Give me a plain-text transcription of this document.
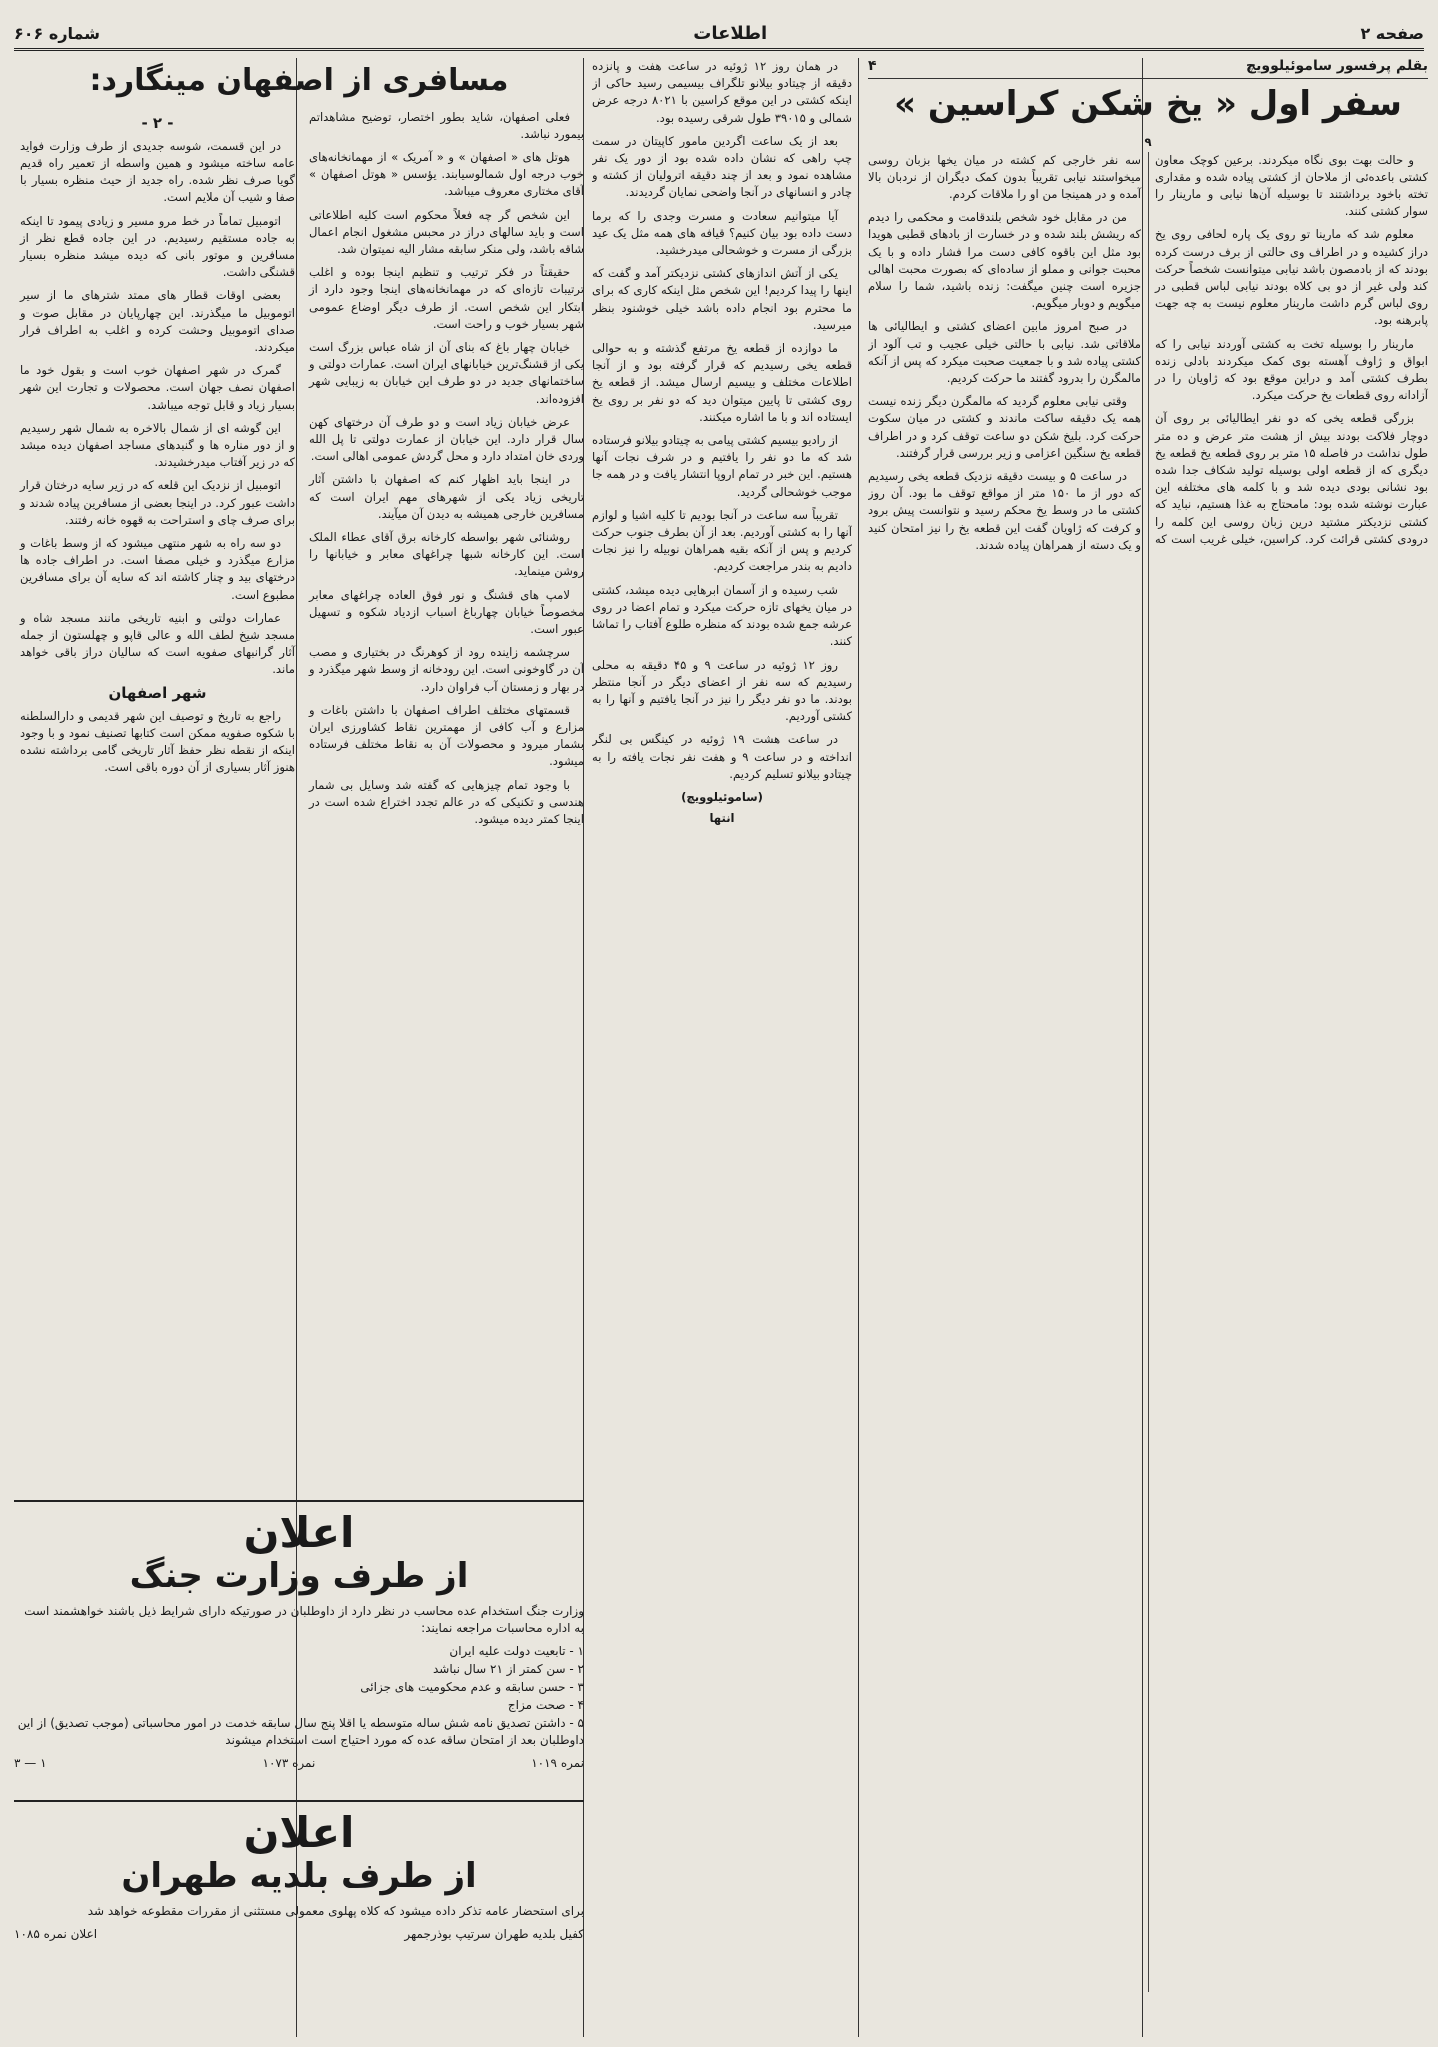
صفحه ۲
اطلاعات
شماره ۶۰۶
بقلم پرفسور ساموئیلوویچ
۴
سفر اول « یخ شکن کراسین »
۹

و حالت بهت بوی نگاه میکردند. برعین کوچک معاون کشتی باعده‌ئی از ملاحان از کشتی پیاده شده و مقداری تخته باخود برداشتند تا بوسیله آن‌ها نیابی و مارینار را سوار کشتی کنند.

معلوم شد که مارینا تو روی یک پاره لحافی روی یخ دراز کشیده و در اطراف وی حالتی از برف درست کرده بودند که از بادمصون باشد نیابی میتوانست شخصاً حرکت کند ولی غیر از دو بی کلاه بودند نیابی لباس قطبی در روی لباس گرم داشت مارینار معلوم نیست به چه جهت پابرهنه بود.

مارینار را بوسیله تخت به کشتی آوردند نیابی را که ابواق و ژاوف آهسته بوی کمک میکردند بادلی زنده بطرف کشتی آمد و دراین موقع بود که ژاویان را در آزادانه روی قطعات یخ حرکت میکرد.

بزرگی قطعه یخی که دو نفر ایطالیائی بر روی آن دوچار فلاکت بودند بیش از هشت متر عرض و ده متر طول نداشت در فاصله ۱۵ متر بر روی قطعه یخ قطعه یخ دیگری که از قطعه اولی بوسیله تولید شکاف جدا شده بود نشانی بودی دیده شد و با کلمه های مختلفه این عبارت نوشته شده بود: مامحتاج به غذا هستیم، نباید که کشتی نزدیکتر مشتید درین زبان روسی این کلمه را درودی کشتی قرائت کرد. کراسین، خیلی غریب است که سه نفر خارجی کم کشته در میان یخها بزبان روسی میخواستند نیابی تقریباً بدون کمک دیگران از نردبان بالا آمده و در همینجا من او را ملاقات کردم.

من در مقابل خود شخص بلندقامت و محکمی را دیدم که ریشش بلند شده و در خسارت از بادهای قطبی هویدا بود مثل این باقوه کافی دست مرا فشار داده و با یک محبت جوانی و مملو از ساده‌ای که بصورت محبت اهالی جزیره است چنین میگفت: زنده باشید، شما را سلام میگویم و دوبار میگویم.

در صبح امروز مابین اعضای کشتی و ایطالیائی ها ملاقاتی شد. نیابی با حالتی خیلی عجیب و تب آلود از کشتی پیاده شد و با جمعیت صحبت میکرد که پس از آنکه مالمگرن را بدرود گفتند ما حرکت کردیم.

وقتی نیابی معلوم گردید که مالمگرن دیگر زنده نیست همه یک دقیقه ساکت ماندند و کشتی در میان سکوت حرکت کرد. بلیخ شکن دو ساعت توقف کرد و در اطراف قطعه یخ سنگین اعزامی و زیر بررسی قرار گرفتند.

در ساعت ۵ و بیست دقیقه نزدیک قطعه یخی رسیدیم که دور از ما ۱۵۰ متر از مواقع توقف ما بود. آن روز کشتی ما در وسط یخ محکم رسید و نتوانست پیش برود و کرفت که ژاویان گفت این قطعه یخ را نیز امتحان کنید و یک دسته از همراهان پیاده شدند.

در همان روز ۱۲ ژوئیه در ساعت هفت و پانزده دقیقه از چیتادو بیلانو تلگراف بیسیمی رسید حاکی از اینکه کشتی در این موقع کراسین با ۸۰۲۱ درجه عرض شمالی و ۳۹۰۱۵ طول شرقی رسیده بود.

بعد از یک ساعت اگردین مامور کاپیتان در سمت چپ راهی که نشان داده شده بود از دور یک نفر مشاهده نمود و بعد از چند دقیقه اترولیان از کشته و چادر و انسانهای در آنجا واضحی نمایان گردیدند.

آیا میتوانیم سعادت و مسرت وجدی را که برما دست داده بود بیان کنیم؟ قیافه های همه مثل یک عید بزرگی از مسرت و خوشحالی میدرخشید.

یکی از آتش اندازهای کشتی نزدیکتر آمد و گفت که اینها را پیدا کردیم! این شخص مثل اینکه کاری که برای ما محترم بود انجام داده باشد خیلی خوشنود بنظر میرسید.

ما دوازده از قطعه یخ مرتفع گذشته و به حوالی قطعه یخی رسیدیم که قرار گرفته بود و از آنجا اطلاعات مختلف و بیسیم ارسال میشد. از قطعه یخ روی کشتی تا پایین میتوان دید که دو نفر بر روی یخ ایستاده اند و با ما اشاره میکنند.

از رادیو بیسیم کشتی پیامی به چیتادو بیلانو فرستاده شد که ما دو نفر را یافتیم و در شرف نجات آنها هستیم. این خبر در تمام اروپا انتشار یافت و در همه جا موجب خوشحالی گردید.

تقریباً سه ساعت در آنجا بودیم تا کلیه اشیا و لوازم آنها را به کشتی آوردیم. بعد از آن بطرف جنوب حرکت کردیم و پس از آنکه بقیه همراهان نوبیله را نیز نجات دادیم به بندر مراجعت کردیم.

شب رسیده و از آسمان ابرهایی دیده میشد، کشتی در میان یخهای تازه حرکت میکرد و تمام اعضا در روی عرشه جمع شده بودند که منظره طلوع آفتاب را تماشا کنند.

روز ۱۲ ژوئیه در ساعت ۹ و ۴۵ دقیقه به محلی رسیدیم که سه نفر از اعضای دیگر در آنجا منتظر بودند. ما دو نفر دیگر را نیز در آنجا یافتیم و آنها را به کشتی آوردیم.

در ساعت هشت ۱۹ ژوئیه در کینگس بی لنگر انداخته و در ساعت ۹ و هفت نفر نجات یافته را به چیتادو بیلانو تسلیم کردیم.

(ساموئیلوویچ)
انتها
مسافری از اصفهان مینگارد:

فعلی اصفهان، شاید بطور اختصار، توضیح مشاهداتم بیمورد نباشد.

هوتل های « اصفهان » و « آمریک » از مهمانخانه‌های خوب درجه اول شمالوسیابند. یؤسس « هوتل اصفهان » آقای مختاری معروف میباشد.

این شخص گر چه فعلاً محکوم است کلیه اطلاعاتی است و باید سالهای دراز در محبس مشغول انجام اعمال شاقه باشد، ولی منکر سابقه مشار الیه نمیتوان شد.

حقیقتاً در فکر ترتیب و تنظیم اینجا بوده و اغلب ترتیبات تازه‌ای که در مهمانخانه‌های اینجا وجود دارد از ابتکار این شخص است. از طرف دیگر اوضاع عمومی شهر بسیار خوب و راحت است.

خیابان چهار باغ که بنای آن از شاه عباس بزرگ است یکی از قشنگ‌ترین خیابانهای ایران است. عمارات دولتی و ساختمانهای جدید در دو طرف این خیابان به زیبایی شهر افزوده‌اند.

عرض خیابان زیاد است و دو طرف آن درختهای کهن سال قرار دارد. این خیابان از عمارت دولتی تا پل الله وردی خان امتداد دارد و محل گردش عمومی اهالی است.

در اینجا باید اظهار کنم که اصفهان با داشتن آثار تاریخی زیاد یکی از شهرهای مهم ایران است که مسافرین خارجی همیشه به دیدن آن میآیند.

روشنائی شهر بواسطه کارخانه برق آقای عطاء الملک است. این کارخانه شبها چراغهای معابر و خیابانها را روشن مینماید.

لامپ های قشنگ و نور فوق العاده چراغهای معابر مخصوصاً خیابان چهارباغ اسباب ازدیاد شکوه و تسهیل عبور است.

سرچشمه زاینده رود از کوهرنگ در بختیاری و مصب آن در گاوخونی است. این رودخانه از وسط شهر میگذرد و در بهار و زمستان آب فراوان دارد.

قسمتهای مختلف اطراف اصفهان با داشتن باغات و مزارع و آب کافی از مهمترین نقاط کشاورزی ایران بشمار میرود و محصولات آن به نقاط مختلف فرستاده میشود.

با وجود تمام چیزهایی که گفته شد وسایل بی شمار هندسی و تکنیکی که در عالم تجدد اختراع شده است در اینجا کمتر دیده میشود.

- ۲ -

در این قسمت، شوسه جدیدی از طرف وزارت فواید عامه ساخته میشود و همین واسطه از تعمیر راه قدیم گویا صرف نظر شده. راه جدید از حیث منظره بسیار با صفا و شیب آن ملایم است.

اتومبیل تماماً در خط مرو مسیر و زیادی پیمود تا اینکه به جاده مستقیم رسیدیم. در این جاده قطع نظر از مسافرین و موتور بانی که دیده میشد منظره بسیار قشنگی داشت.

بعضی اوقات قطار های ممتد شترهای ما از سیر اتوموبیل ما میگذرند. این چهارپایان در مقابل صوت و صدای اتوموبیل وحشت کرده و اغلب به اطراف فرار میکردند.

گمرک در شهر اصفهان خوب است و بقول خود ما اصفهان نصف جهان است. محصولات و تجارت این شهر بسیار زیاد و قابل توجه میباشد.

این گوشه ای از شمال بالاخره به شمال شهر رسیدیم و از دور مناره ها و گنبدهای مساجد اصفهان دیده میشد که در زیر آفتاب میدرخشیدند.

اتومبیل از نزدیک این قلعه که در زیر سایه درختان قرار داشت عبور کرد. در اینجا بعضی از مسافرین پیاده شدند و برای صرف چای و استراحت به قهوه خانه رفتند.

دو سه راه به شهر منتهی میشود که از وسط باغات و مزارع میگذرد و خیلی مصفا است. در اطراف جاده ها درختهای بید و چنار کاشته اند که سایه آن برای مسافرین مطبوع است.

عمارات دولتی و ابنیه تاریخی مانند مسجد شاه و مسجد شیخ لطف الله و عالی قاپو و چهلستون از جمله آثار گرانبهای صفویه است که سالیان دراز باقی خواهد ماند.

شهر اصفهان

راجع به تاریخ و توصیف این شهر قدیمی و دارالسلطنه با شکوه صفویه ممکن است کتابها تصنیف نمود و با وجود اینکه از نقطه نظر حفظ آثار تاریخی گامی برداشته نشده هنوز آثار بسیاری از آن دوره باقی است.

اعلان
از طرف وزارت جنگ
وزارت جنگ استخدام عده محاسب در نظر دارد از داوطلبان در صورتیکه دارای شرایط ذیل باشند خواهشمند است به اداره محاسبات مراجعه نمایند:
۱ - تابعیت دولت علیه ایران
۲ - سن کمتر از ۲۱ سال نباشد
۳ - حسن سابقه و عدم محکومیت های جزائی
۴ - صحت مزاج
۵ - داشتن تصدیق نامه شش ساله متوسطه یا اقلا پنج سال سابقه خدمت در امور محاسباتی (موجب تصدیق) از این داوطلبان بعد از امتحان ساقه عده که مورد احتیاج است استخدام میشوند
نمره ۱۰۱۹
نمره ۱۰۷۳
۱ — ۳
اعلان
از طرف بلدیه طهران
برای استحضار عامه تذکر داده میشود که کلاه پهلوی معمولی مستثنی از مقررات مقطوعه خواهد شد
کفیل بلدیه طهران سرتیپ بوذرجمهر
اعلان نمره ۱۰۸۵
